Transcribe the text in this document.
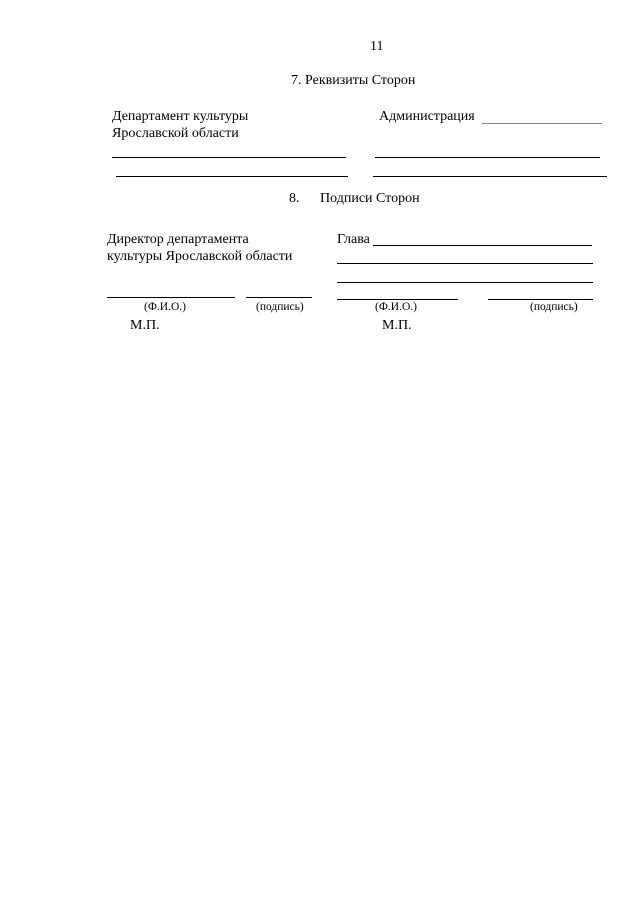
11
7. Реквизиты Сторон
Департамент культуры
Ярославской области
Администрация
8. Подписи Сторон
Директор департамента
культуры Ярославской области
(Ф.И.О.)	(подпись)
М.П.
Глава
(Ф.И.О.)	(подпись)
М.П.
